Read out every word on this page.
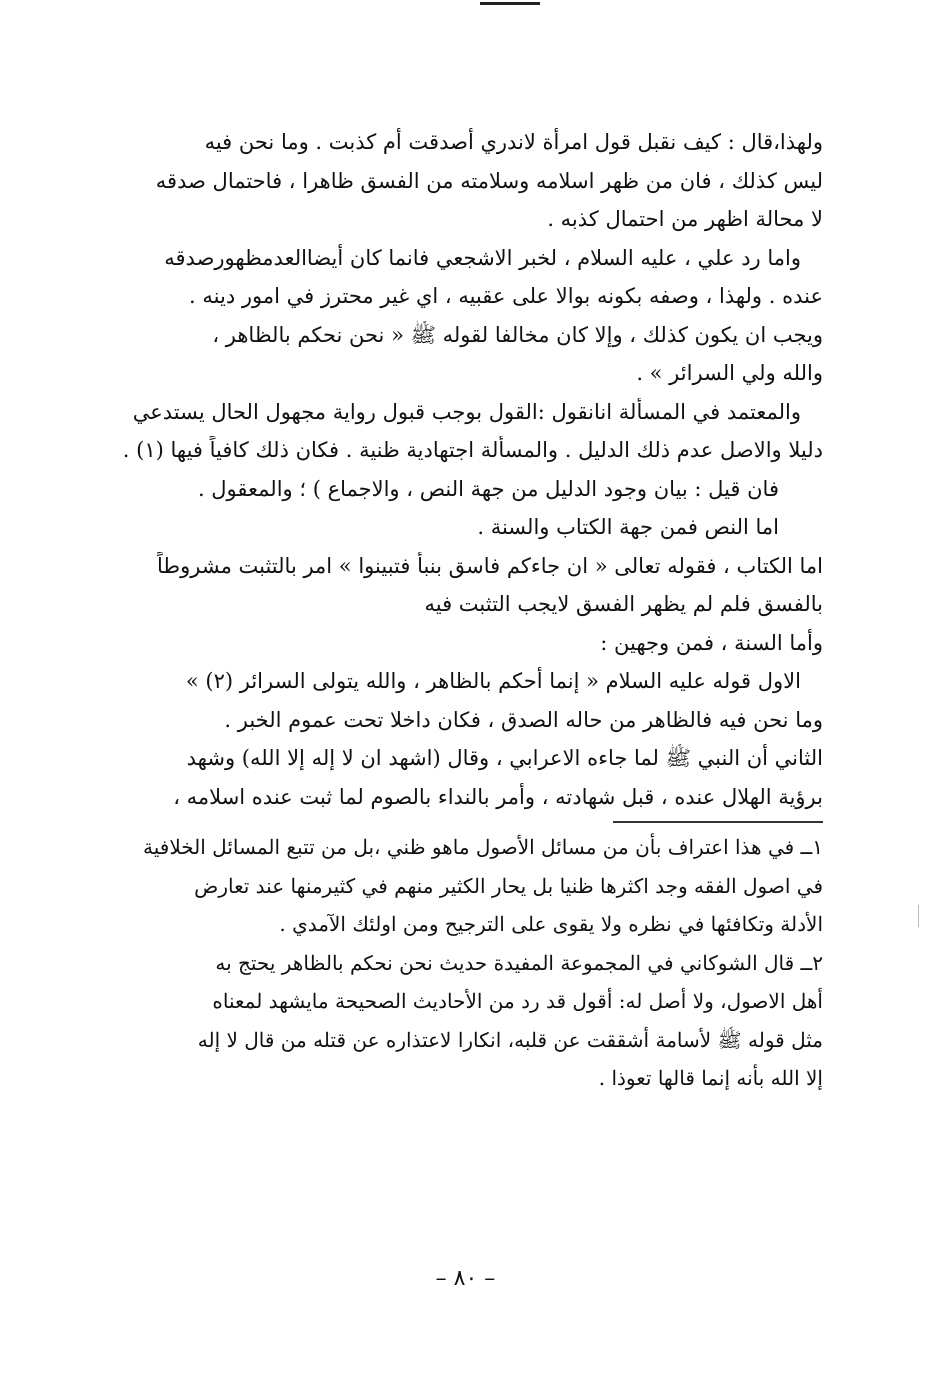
ولهذا،قال : كيف نقبل قول امرأة لاندري أصدقت أم كذبت . وما نحن فيه
ليس كذلك ، فان من ظهر اسلامه وسلامته من الفسق ظاهرا ، فاحتمال صدقه
لا محالة اظهر من احتمال كذبه .
واما رد علي ، عليه السلام ، لخبر الاشجعي فانما كان أيضاالعدمظهورصدقه
عنده . ولهذا ، وصفه بكونه بوالا على عقبيه ، اي غير محترز في امور دينه .
ويجب ان يكون كذلك ، وإلا كان مخالفا لقوله ﷺ « نحن نحكم بالظاهر ،
والله ولي السرائر » .
والمعتمد في المسألة انانقول :القول بوجب قبول رواية مجهول الحال يستدعي
دليلا والاصل عدم ذلك الدليل . والمسألة اجتهادية ظنية . فكان ذلك كافياً فيها (١) .
فان قيل : بيان وجود الدليل من جهة النص ، والاجماع ) ؛ والمعقول .
اما النص فمن جهة الكتاب والسنة .
اما الكتاب ، فقوله تعالى « ان جاءكم فاسق بنبأ فتبينوا » امر بالتثبت مشروطاً
بالفسق فلم لم يظهر الفسق لايجب التثبت فيه
وأما السنة ، فمن وجهين :
الاول قوله عليه السلام « إنما أحكم بالظاهر ، والله يتولى السرائر (٢) »
وما نحن فيه فالظاهر من حاله الصدق ، فكان داخلا تحت عموم الخبر .
الثاني أن النبي ﷺ لما جاءه الاعرابي ، وقال (اشهد ان لا إله إلا الله) وشهد
برؤية الهلال عنده ، قبل شهادته ، وأمر بالنداء بالصوم لما ثبت عنده اسلامه ،
١ــ في هذا اعتراف بأن من مسائل الأصول ماهو ظني ،بل من تتبع المسائل الخلافية
في اصول الفقه وجد اكثرها ظنيا بل يحار الكثير منهم في كثيرمنها عند تعارض
الأدلة وتكافئها في نظره ولا يقوى على الترجيح ومن اولئك الآمدي .
٢ــ قال الشوكاني في المجموعة المفيدة حديث نحن نحكم بالظاهر يحتج به
أهل الاصول، ولا أصل له: أقول قد رد من الأحاديث الصحيحة مايشهد لمعناه
مثل قوله ﷺ لأسامة أشققت عن قلبه، انكارا لاعتذاره عن قتله من قال لا إله
إلا الله بأنه إنما قالها تعوذا .
– ٨٠ –
